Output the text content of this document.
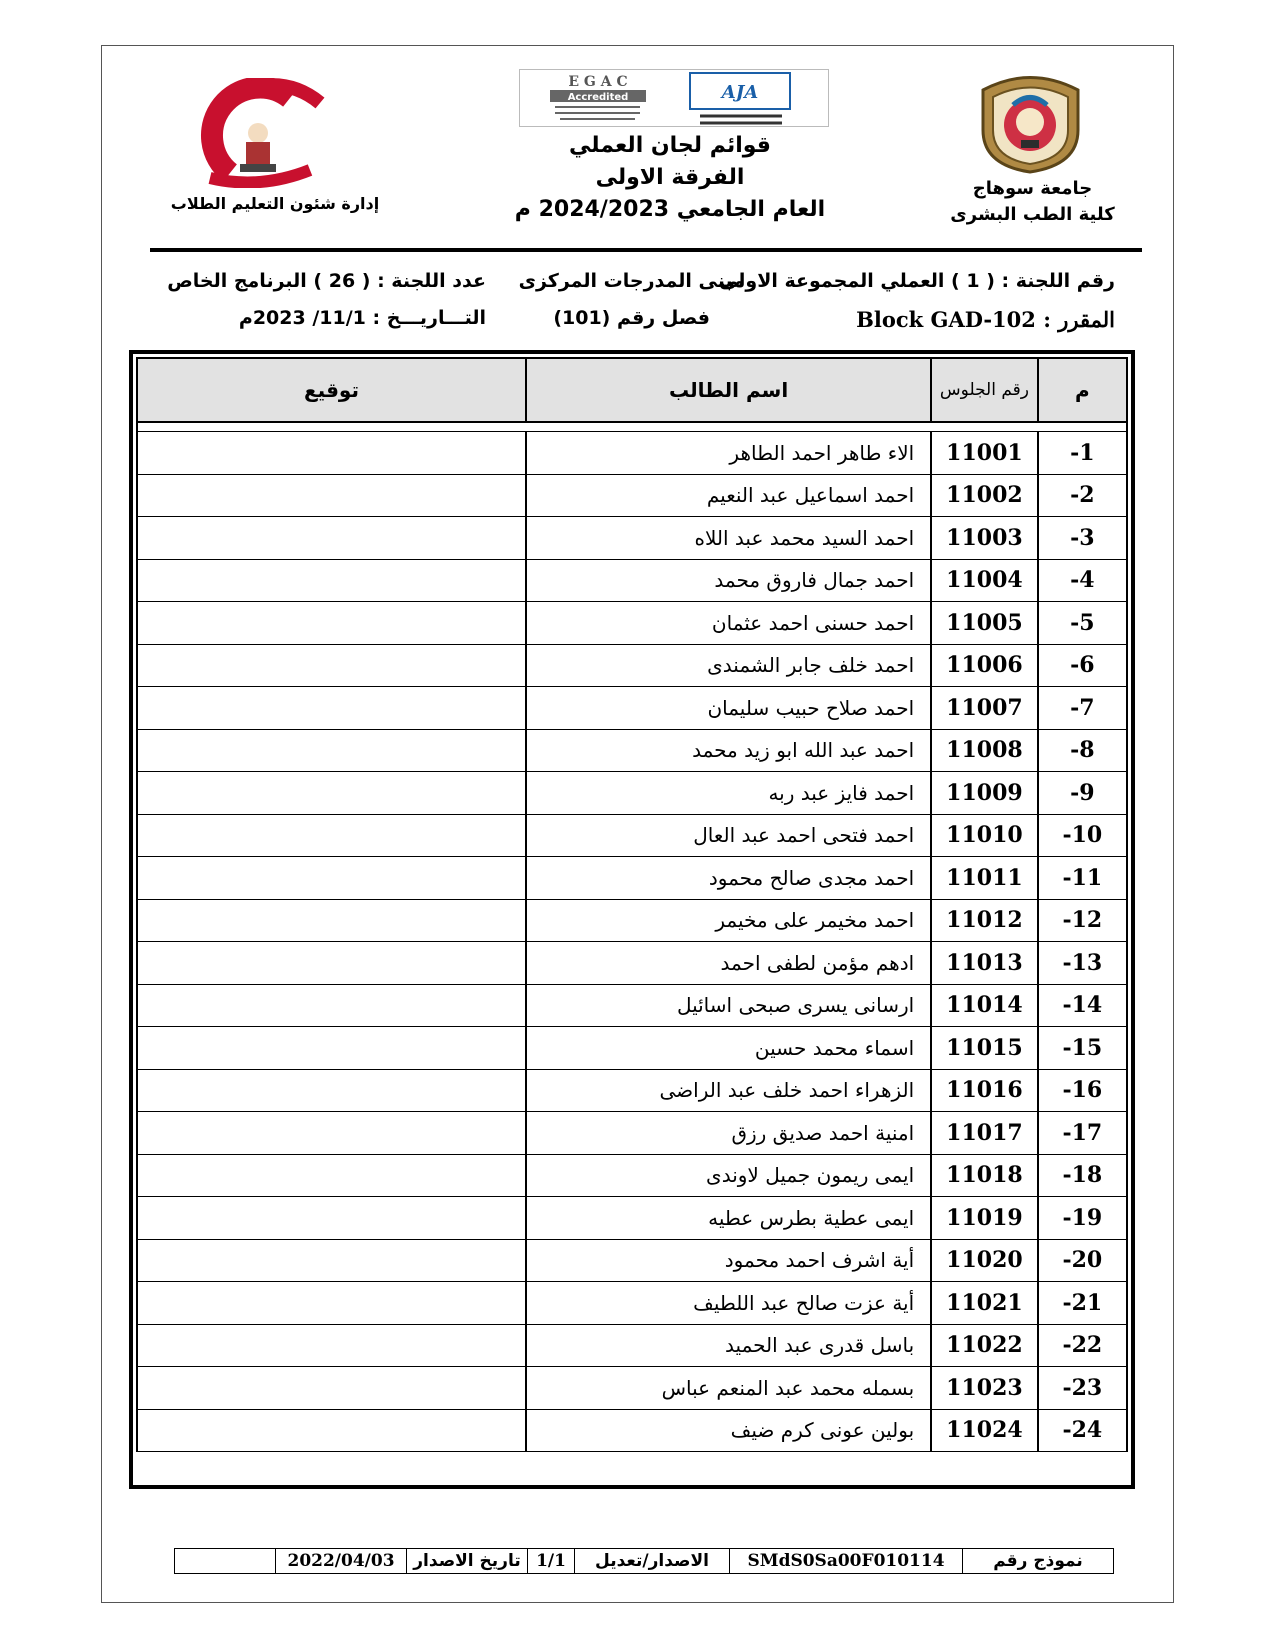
جامعة سوهاج
كلية الطب البشرى
E G A C
Accredited	AJA
قوائم لجان العملي
الفرقة الاولى
العام الجامعي 2024/2023 م
إدارة شئون التعليم الطلاب
رقم اللجنة : ( 1 ) العملي المجموعة الاولى
مبنى المدرجات المركزى
عدد اللجنة : ( 26 ) البرنامج الخاص
المقرر : Block GAD-102
فصل رقم (101)
التـــاريـــخ : 11/1/ 2023م
م	رقم الجلوس	اسم الطالب	توقيع

-1	11001	الاء طاهر احمد الطاهر	
-2	11002	احمد اسماعيل عبد النعيم	
-3	11003	احمد السيد محمد عبد اللاه	
-4	11004	احمد جمال فاروق محمد	
-5	11005	احمد حسنى احمد عثمان	
-6	11006	احمد خلف جابر الشمندى	
-7	11007	احمد صلاح حبيب سليمان	
-8	11008	احمد عبد الله ابو زيد محمد	
-9	11009	احمد فايز عبد ربه	
-10	11010	احمد فتحى احمد عبد العال	
-11	11011	احمد مجدى صالح محمود	
-12	11012	احمد مخيمر على مخيمر	
-13	11013	ادهم مؤمن لطفى احمد	
-14	11014	ارسانى يسرى صبحى اسائيل	
-15	11015	اسماء محمد حسين	
-16	11016	الزهراء احمد خلف عبد الراضى	
-17	11017	امنية احمد صديق رزق	
-18	11018	ايمى ريمون جميل لاوندى	
-19	11019	ايمى عطية بطرس عطيه	
-20	11020	أية اشرف احمد محمود	
-21	11021	أية عزت صالح عبد اللطيف	
-22	11022	باسل قدرى عبد الحميد	
-23	11023	بسمله محمد عبد المنعم عباس	
-24	11024	بولين عونى كرم ضيف	
نموذج رقم
SMdS0Sa00F010114
الاصدار/تعديل
1/1
تاريخ الاصدار
2022/04/03
